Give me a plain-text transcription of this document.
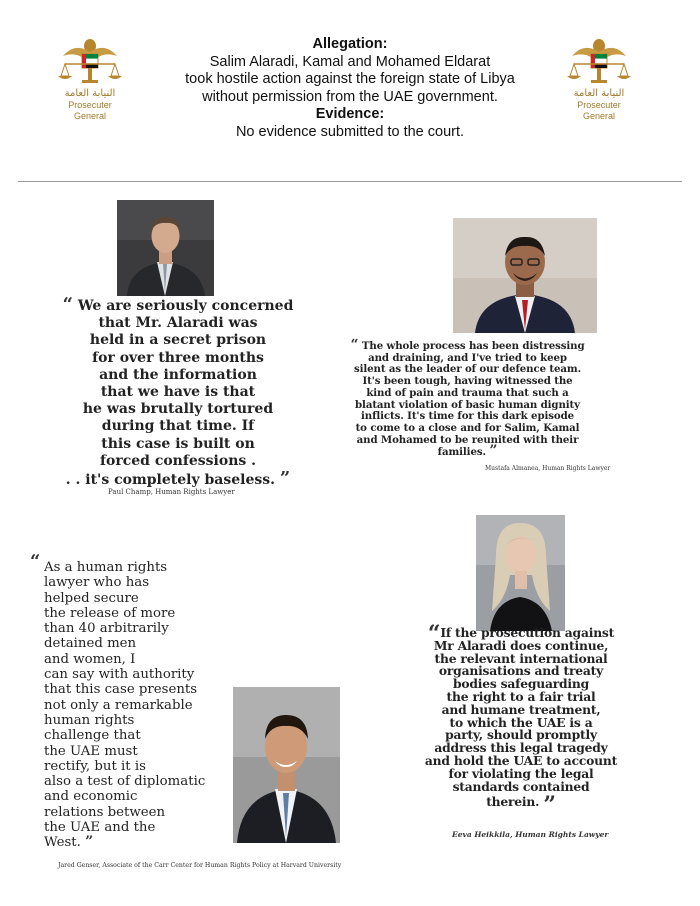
النيابة العامة
Prosecuter General
النيابة العامة
Prosecuter General
Allegation:
Salim Alaradi, Kamal and Mohamed Eldarat
took hostile action against the foreign state of Libya
without permission from the UAE government.
Evidence:
No evidence submitted to the court.
“ We are seriously concerned
that Mr. Alaradi was
held in a secret prison
for over three months
and the information
that we have is that
he was brutally tortured
during that time. If
this case is built on
forced confessions .
. . it's completely baseless. ”
Paul Champ, Human Rights Lawyer
“ The whole process has been distressing
and draining, and I've tried to keep
silent as the leader of our defence team.
It's been tough, having witnessed the
kind of pain and trauma that such a
blatant violation of basic human dignity
inflicts. It's time for this dark episode
to come to a close and for Salim, Kamal
and Mohamed to be reunited with their
families. ”
Mustafa Almanea, Human Rights Lawyer
“ As a human rights
lawyer who has
helped secure
the release of more
than 40 arbitrarily
detained men
and women, I
can say with authority
that this case presents
not only a remarkable
human rights
challenge that
the UAE must
rectify, but it is
also a test of diplomatic
and economic
relations between
the UAE and the
West. ”
Jared Genser, Associate of the Carr Center for Human Rights Policy at Harvard University
“If the prosecution against
Mr Alaradi does continue,
the relevant international
organisations and treaty
bodies safeguarding
the right to a fair trial
and humane treatment,
to which the UAE is a
party, should promptly
address this legal tragedy
and hold the UAE to account
for violating the legal
standards contained
therein. ”
Eeva Heikkila, Human Rights Lawyer
